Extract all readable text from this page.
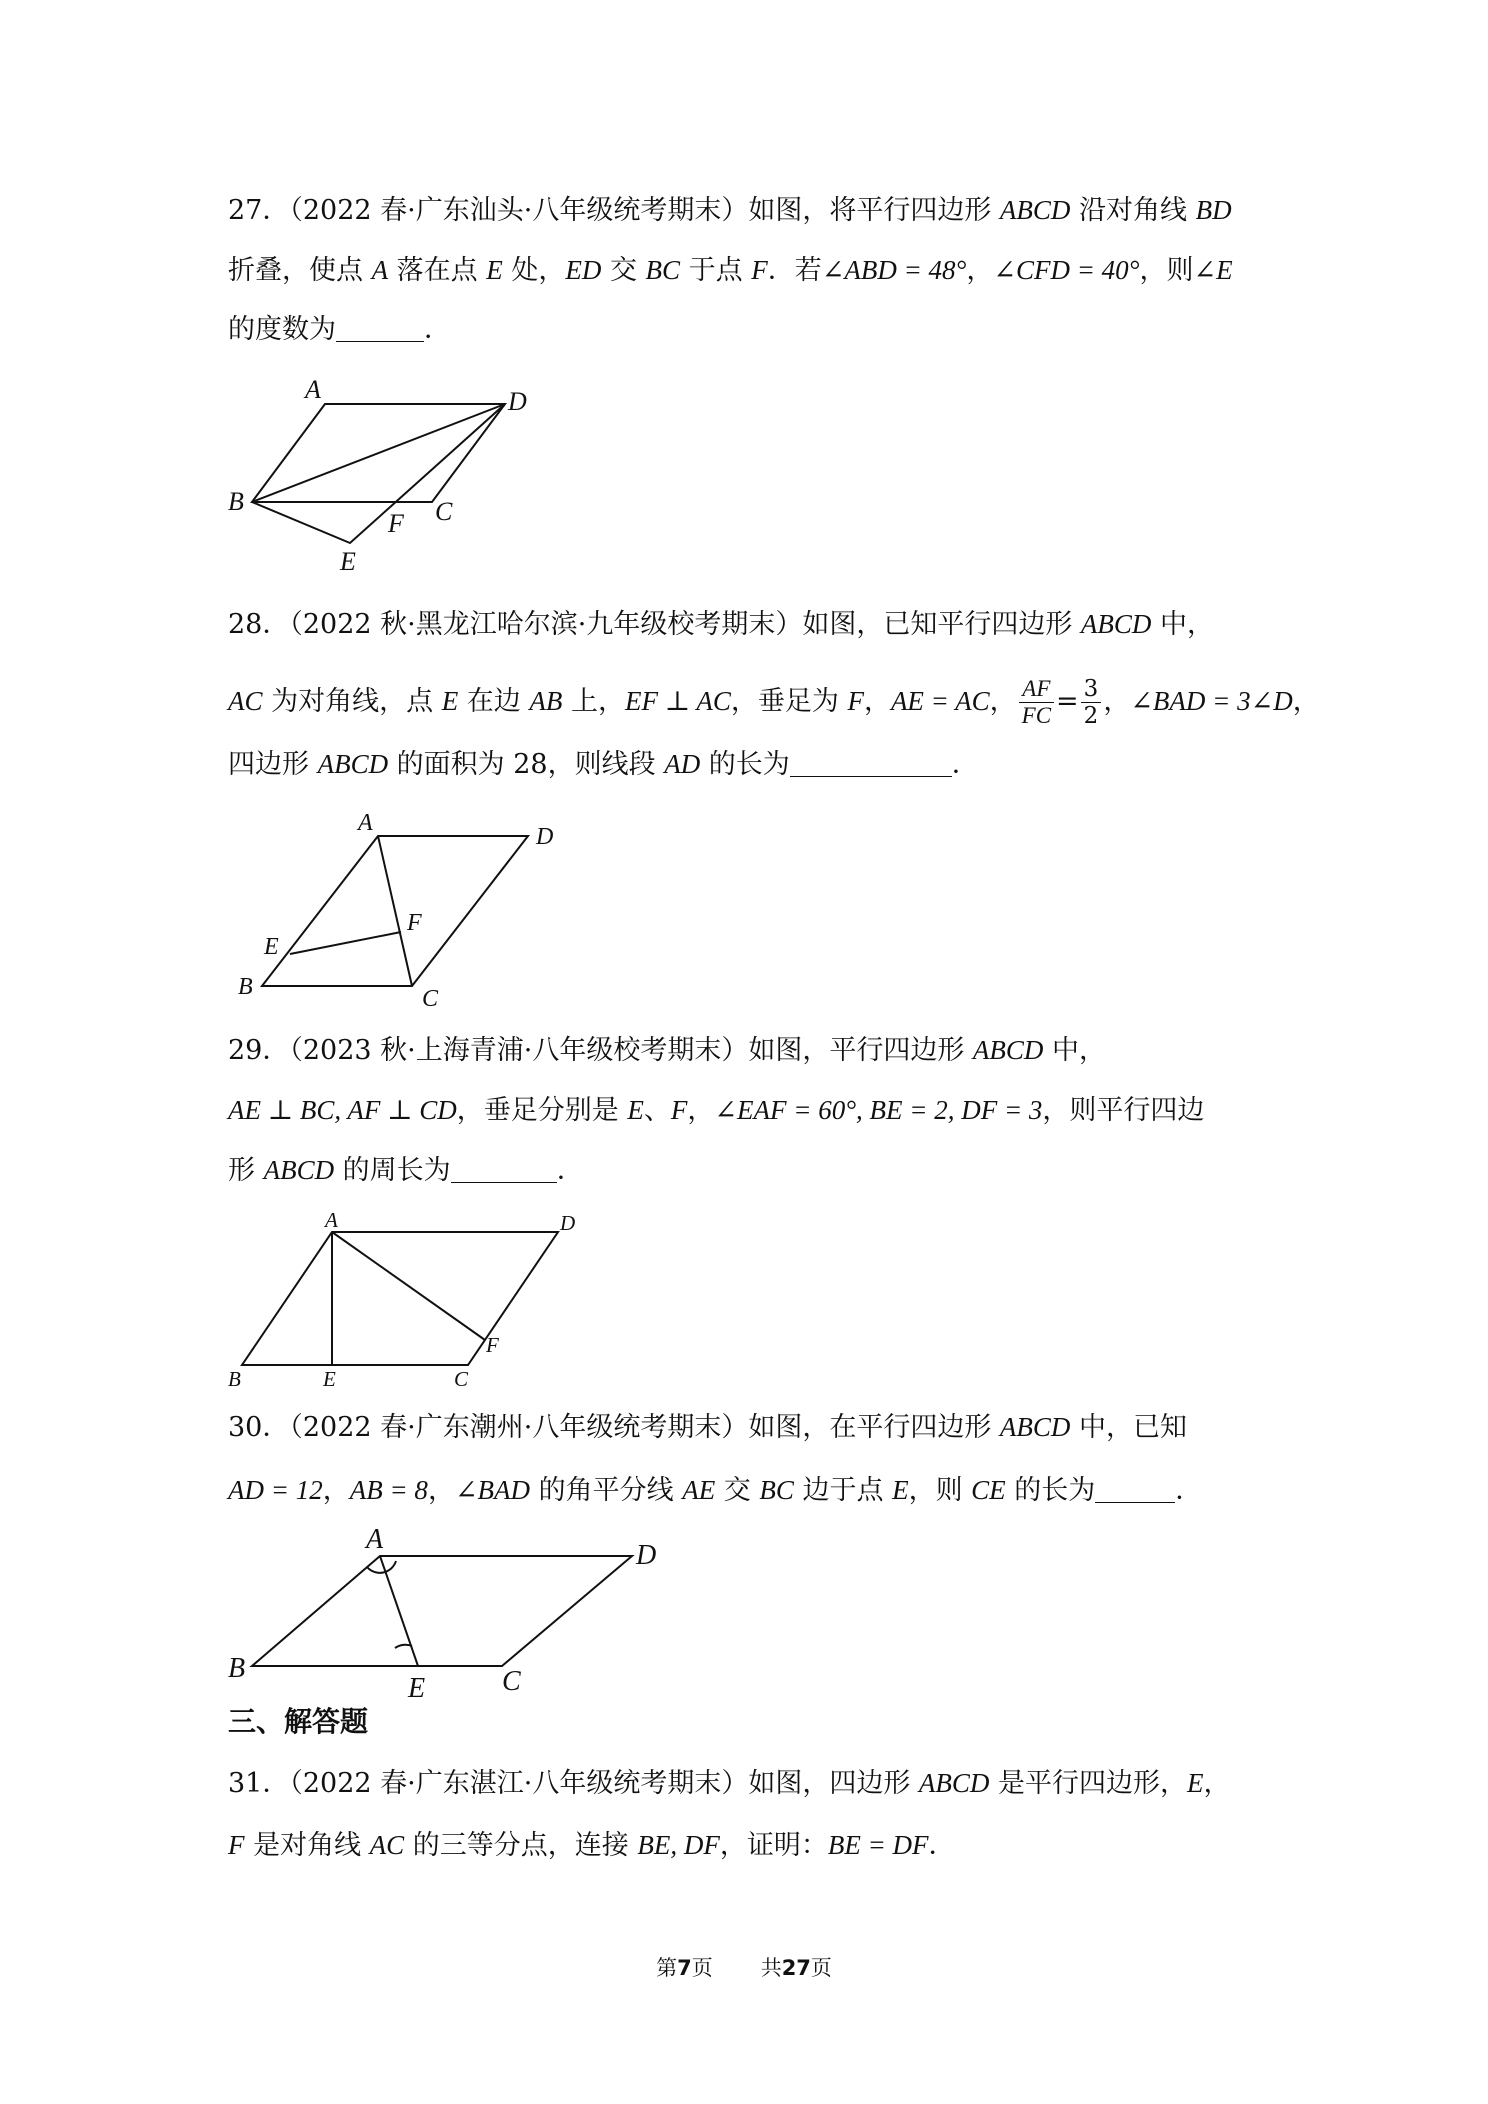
27．（2022 春·广东汕头·八年级统考期末）如图，将平行四边形 ABCD 沿对角线 BD
折叠，使点 A 落在点 E 处，ED 交 BC 于点 F．若∠ABD = 48°，∠CFD = 40°，则∠E
的度数为	．
A	D
B
F C
E
28．（2022 秋·黑龙江哈尔滨·九年级校考期末）如图，已知平行四边形 ABCD 中，
AC 为对角线，点 E 在边 AB 上，EF ⊥ AC，垂足为 F，AE = AC， $\frac{AF}{FC} = \frac{3}{2}$ ，∠BAD = 3∠D，
四边形 ABCD 的面积为 28，则线段 AD 的长为	．
A
D
F
E
B	C
29．（2023 秋·上海青浦·八年级校考期末）如图，平行四边形 ABCD 中，
AE ⊥ BC, AF ⊥ CD，垂足分别是 E、F，∠EAF = 60°, BE = 2, DF = 3，则平行四边
形 ABCD 的周长为	．
A	D
F
B	E	C
30．（2022 春·广东潮州·八年级统考期末）如图，在平行四边形 ABCD 中，已知
AD = 12，AB = 8，∠BAD 的角平分线 AE 交 BC 边于点 E，则 CE 的长为	．
A
D
B
E	C
三、解答题
31．（2022 春·广东湛江·八年级统考期末）如图，四边形 ABCD 是平行四边形，E，
F 是对角线 AC 的三等分点，连接 BE, DF，证明：BE = DF．
第7页 共27页
